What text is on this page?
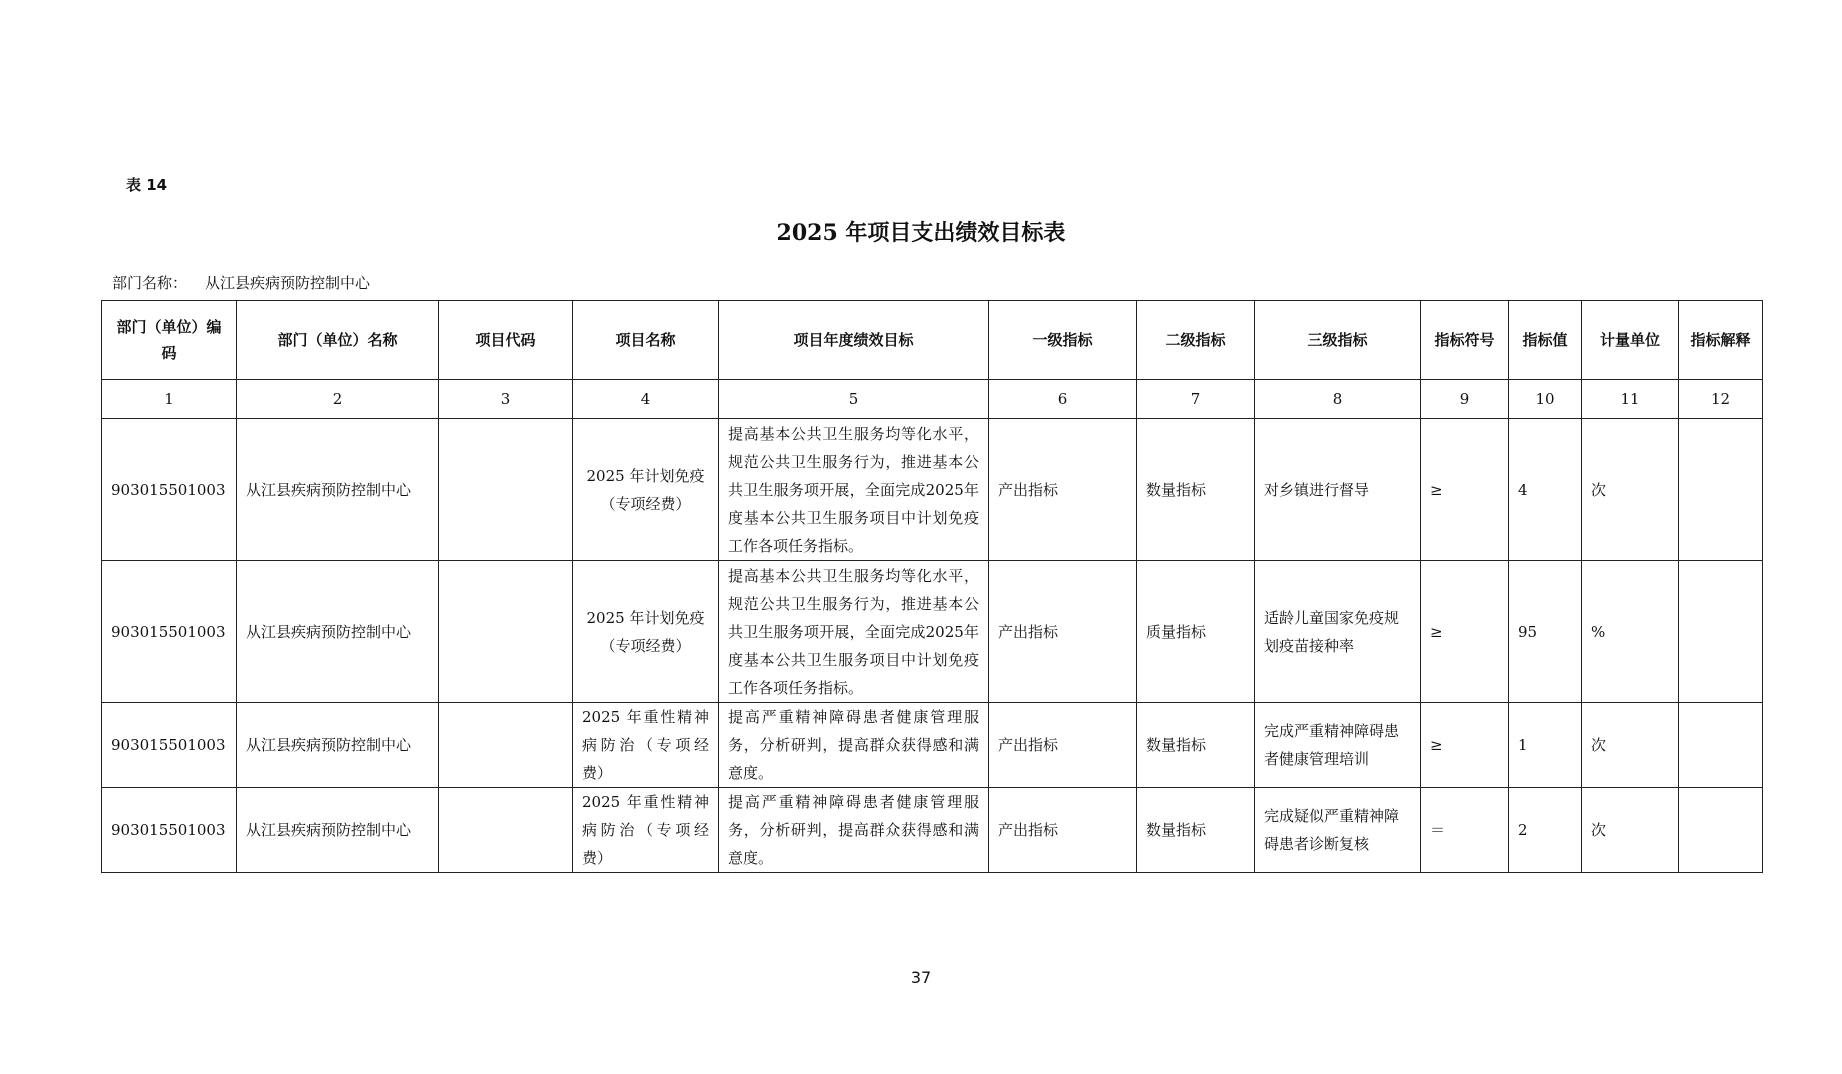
表 14
2025 年项目支出绩效目标表
部门名称： 从江县疾病预防控制中心
部门（单位）编码	部门（单位）名称	项目代码	项目名称	项目年度绩效目标	一级指标	二级指标	三级指标	指标符号	指标值	计量单位	指标解释
1	2	3	4	5	6	7	8	9	10	11	12
903015501003	从江县疾病预防控制中心		2025 年计划免疫（专项经费）	提高基本公共卫生服务均等化水平，规范公共卫生服务行为，推进基本公共卫生服务项开展，全面完成2025年度基本公共卫生服务项目中计划免疫工作各项任务指标。	产出指标	数量指标	对乡镇进行督导	≥	4	次	
903015501003	从江县疾病预防控制中心		2025 年计划免疫（专项经费）	提高基本公共卫生服务均等化水平，规范公共卫生服务行为，推进基本公共卫生服务项开展，全面完成2025年度基本公共卫生服务项目中计划免疫工作各项任务指标。	产出指标	质量指标	适龄儿童国家免疫规划疫苗接种率	≥	95	%	
903015501003	从江县疾病预防控制中心		2025 年重性精神病防治（专项经费）	提高严重精神障碍患者健康管理服务，分析研判，提高群众获得感和满意度。	产出指标	数量指标	完成严重精神障碍患者健康管理培训	≥	1	次	
903015501003	从江县疾病预防控制中心		2025 年重性精神病防治（专项经费）	提高严重精神障碍患者健康管理服务，分析研判，提高群众获得感和满意度。	产出指标	数量指标	完成疑似严重精神障碍患者诊断复核	＝	2	次	
37
